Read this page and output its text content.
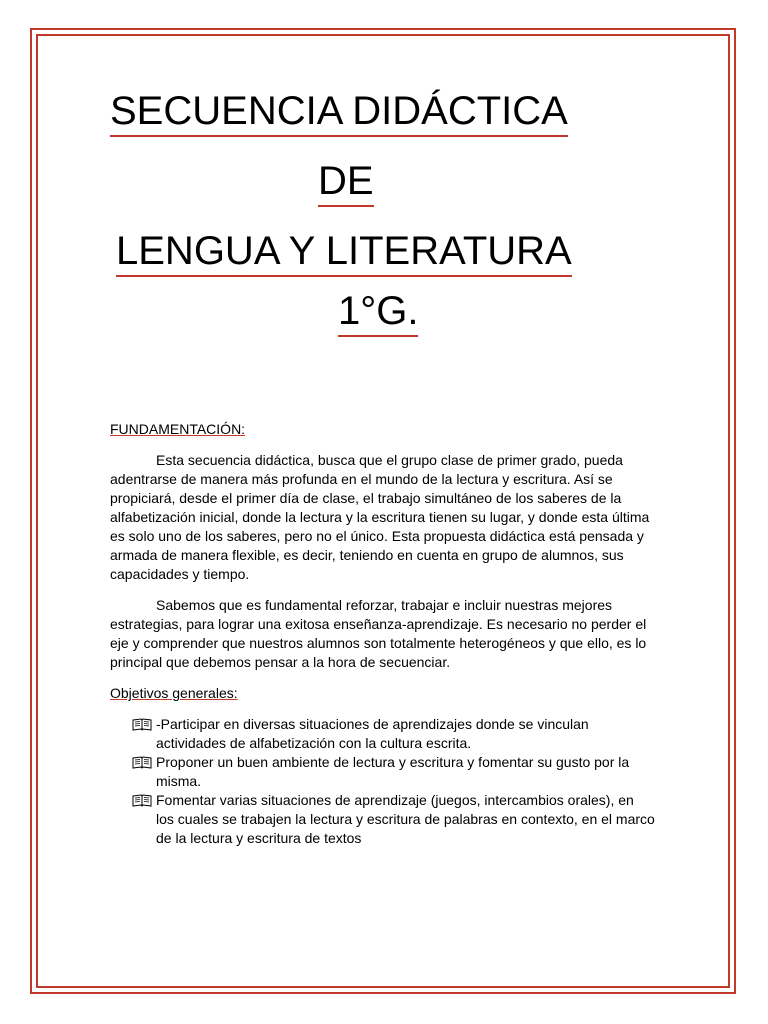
SECUENCIA DIDÁCTICA
DE
LENGUA Y LITERATURA
1°G.

FUNDAMENTACIÓN:

Esta secuencia didáctica, busca que el grupo clase de primer grado, pueda adentrarse de manera más profunda en el mundo de la lectura y escritura. Así se propiciará, desde el primer día de clase, el trabajo simultáneo de los saberes de la alfabetización inicial, donde la lectura y la escritura tienen su lugar, y donde esta última es solo uno de los saberes, pero no el único. Esta propuesta didáctica está pensada y armada de manera flexible, es decir, teniendo en cuenta en grupo de alumnos, sus capacidades y tiempo.

Sabemos que es fundamental reforzar, trabajar e incluir nuestras mejores estrategias, para lograr una exitosa enseñanza-aprendizaje. Es necesario no perder el eje y comprender que nuestros alumnos son totalmente heterogéneos y que ello, es lo principal que debemos pensar a la hora de secuenciar.

Objetivos generales:

-Participar en diversas situaciones de aprendizajes donde se vinculan actividades de alfabetización con la cultura escrita.
Proponer un buen ambiente de lectura y escritura y fomentar su gusto por la misma.
Fomentar varias situaciones de aprendizaje (juegos, intercambios orales), en los cuales se trabajen la lectura y escritura de palabras en contexto, en el marco de la lectura y escritura de textos
